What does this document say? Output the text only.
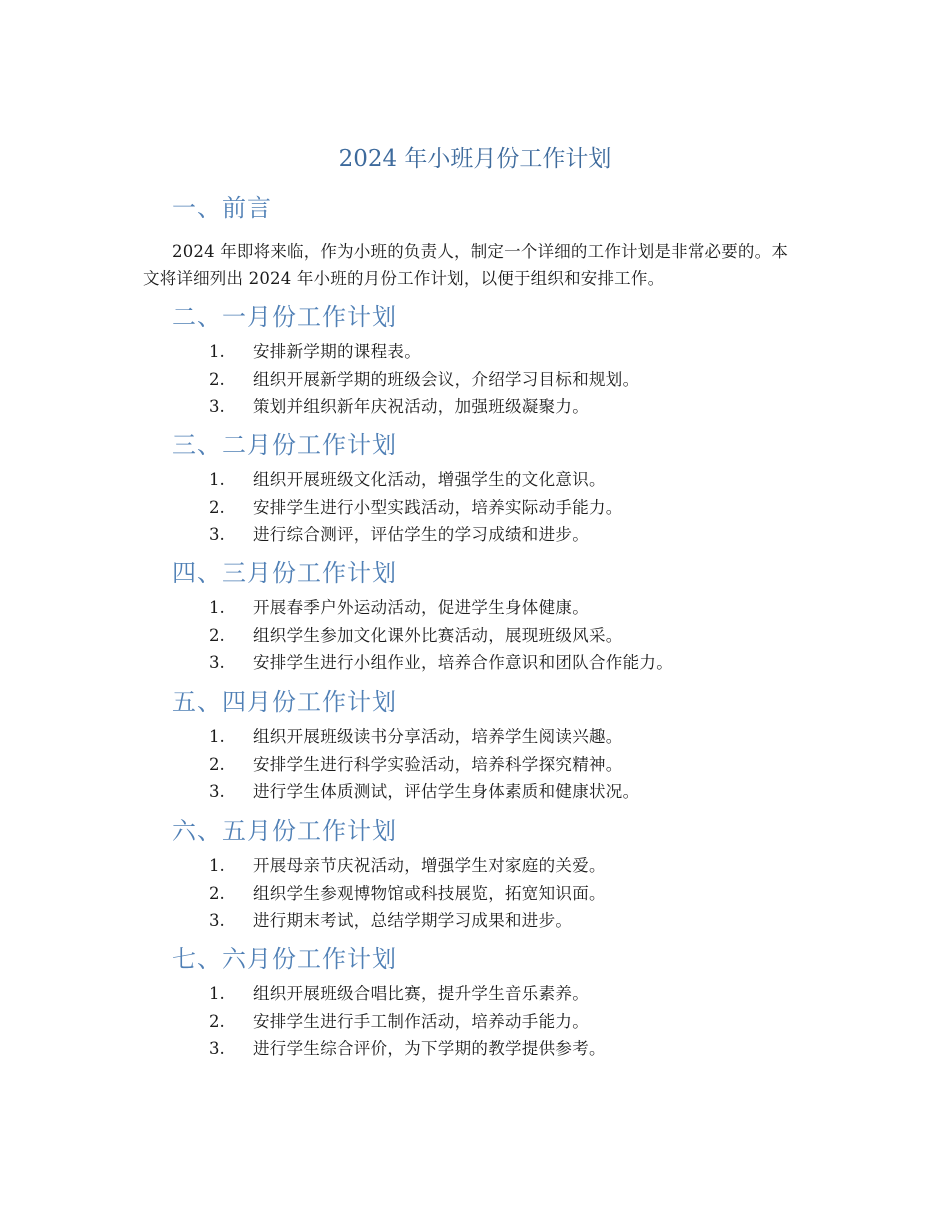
2024 年小班月份工作计划
一、前言

2024 年即将来临，作为小班的负责人，制定一个详细的工作计划是非常必要的。本文将详细列出 2024 年小班的月份工作计划，以便于组织和安排工作。

二、一月份工作计划
1.	安排新学期的课程表。
2.	组织开展新学期的班级会议，介绍学习目标和规划。
3.	策划并组织新年庆祝活动，加强班级凝聚力。
三、二月份工作计划
1.	组织开展班级文化活动，增强学生的文化意识。
2.	安排学生进行小型实践活动，培养实际动手能力。
3.	进行综合测评，评估学生的学习成绩和进步。
四、三月份工作计划
1.	开展春季户外运动活动，促进学生身体健康。
2.	组织学生参加文化课外比赛活动，展现班级风采。
3.	安排学生进行小组作业，培养合作意识和团队合作能力。
五、四月份工作计划
1.	组织开展班级读书分享活动，培养学生阅读兴趣。
2.	安排学生进行科学实验活动，培养科学探究精神。
3.	进行学生体质测试，评估学生身体素质和健康状况。
六、五月份工作计划
1.	开展母亲节庆祝活动，增强学生对家庭的关爱。
2.	组织学生参观博物馆或科技展览，拓宽知识面。
3.	进行期末考试，总结学期学习成果和进步。
七、六月份工作计划
1.	组织开展班级合唱比赛，提升学生音乐素养。
2.	安排学生进行手工制作活动，培养动手能力。
3.	进行学生综合评价，为下学期的教学提供参考。
